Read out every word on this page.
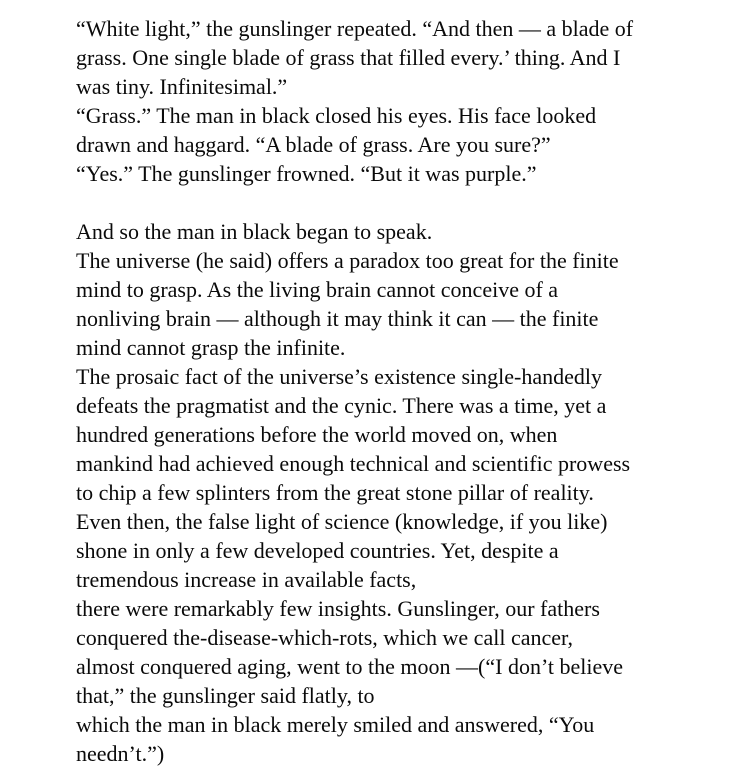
“White light,” the gunslinger repeated. “And then — a blade of
grass. One single blade of grass that filled every.’ thing. And I
was tiny. Infinitesimal.”
“Grass.” The man in black closed his eyes. His face looked
drawn and haggard. “A blade of grass. Are you sure?”
“Yes.” The gunslinger frowned. “But it was purple.”
And so the man in black began to speak.
The universe (he said) offers a paradox too great for the finite
mind to grasp. As the living brain cannot conceive of a
nonliving brain — although it may think it can — the finite
mind cannot grasp the infinite.
The prosaic fact of the universe’s existence single-handedly
defeats the pragmatist and the cynic. There was a time, yet a
hundred generations before the world moved on, when
mankind had achieved enough technical and scientific prowess
to chip a few splinters from the great stone pillar of reality.
Even then, the false light of science (knowledge, if you like)
shone in only a few developed countries. Yet, despite a
tremendous increase in available facts,
there were remarkably few insights. Gunslinger, our fathers
conquered the-disease-which-rots, which we call cancer,
almost conquered aging, went to the moon —(“I don’t believe
that,” the gunslinger said flatly, to
which the man in black merely smiled and answered, “You
needn’t.”)
